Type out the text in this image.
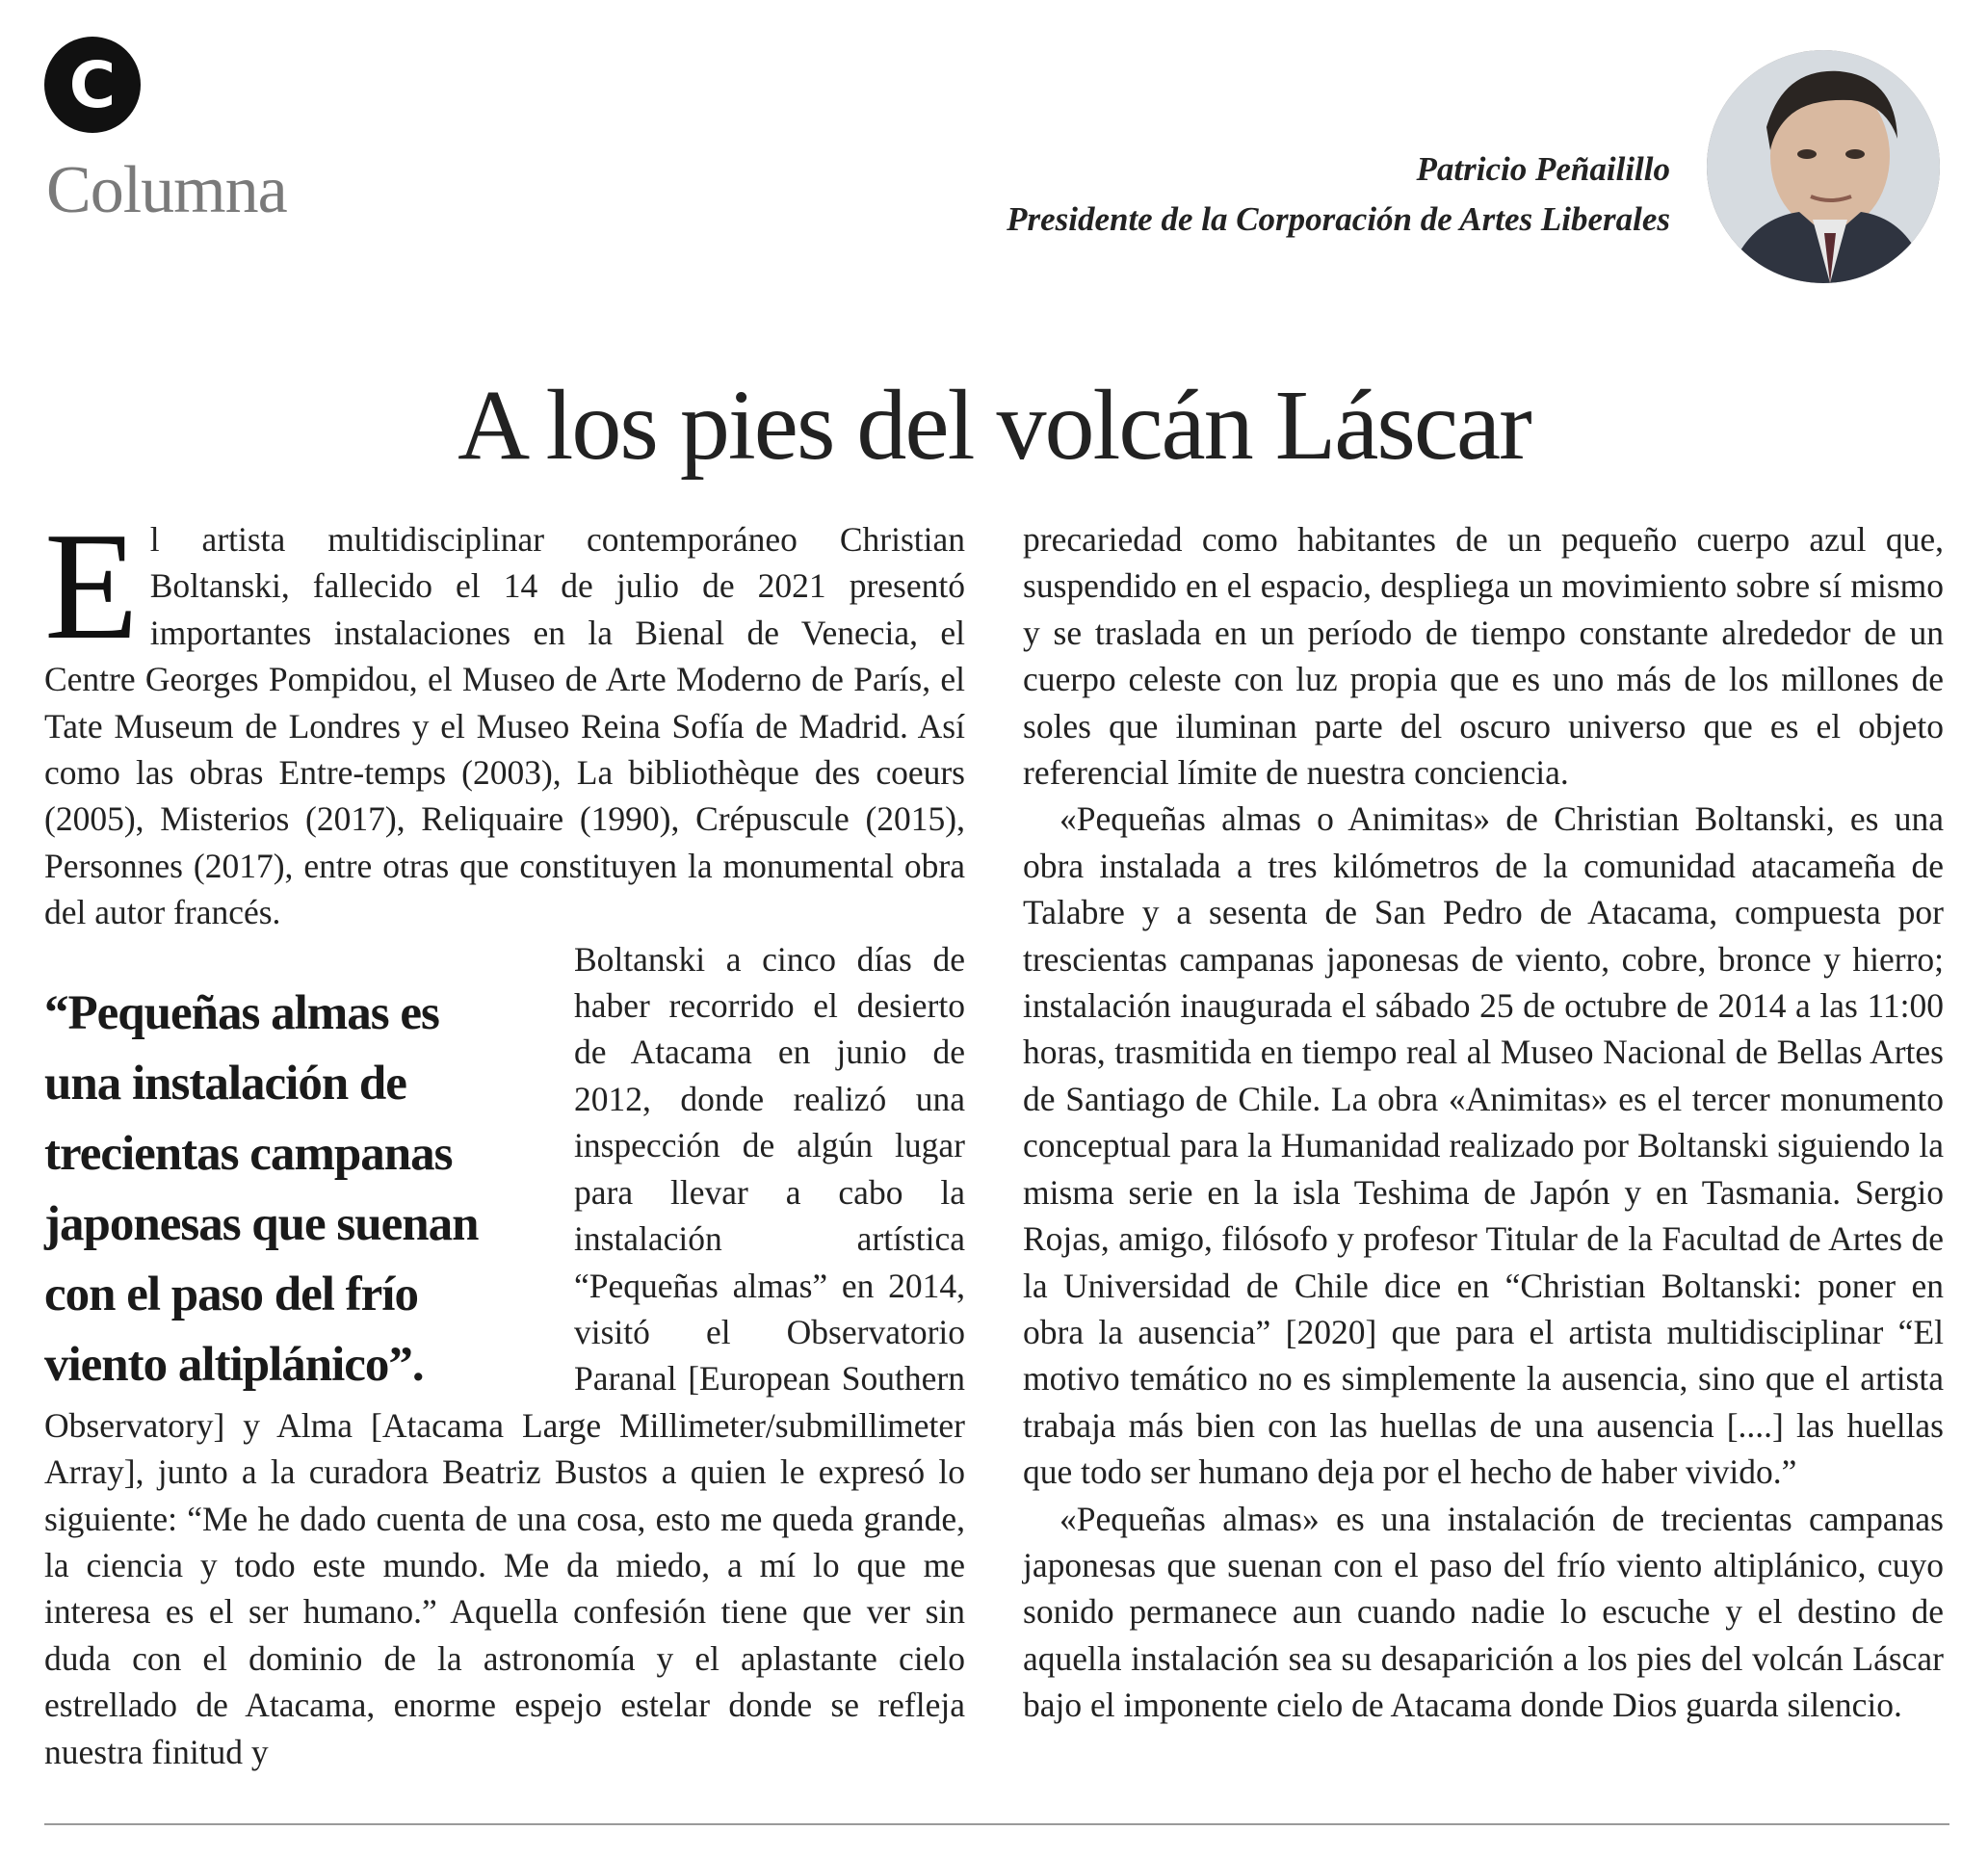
C
Columna	Patricio Peñailillo
Presidente de la Corporación de Artes Liberales
A los pies del volcán Láscar

El artista multidisciplinar contemporáneo Christian Boltanski, fallecido el 14 de julio de 2021 presentó importantes instalaciones en la Bienal de Venecia, el Centre Georges Pompidou, el Museo de Arte Moderno de París, el Tate Museum de Londres y el Museo Reina Sofía de Madrid. Así como las obras Entre-temps (2003), La bibliothèque des coeurs (2005), Misterios (2017), Reliquaire (1990), Crépuscule (2015), Personnes (2017), entre otras que constituyen la monumental obra del autor francés.

“Pequeñas almas es una instalación de trecientas campanas japonesas que suenan con el paso del frío viento altiplánico”.

Boltanski a cinco días de haber recorrido el desierto de Atacama en junio de 2012, donde realizó una inspección de algún lugar para llevar a cabo la instalación artística “Pequeñas almas” en 2014, visitó el Observatorio Paranal [European Southern Observatory] y Alma [Atacama Large Millimeter/submillimeter Array], junto a la curadora Beatriz Bustos a quien le expresó lo siguiente: “Me he dado cuenta de una cosa, esto me queda grande, la ciencia y todo este mundo. Me da miedo, a mí lo que me interesa es el ser humano.” Aquella confesión tiene que ver sin duda con el dominio de la astronomía y el aplastante cielo estrellado de Atacama, enorme espejo estelar donde se refleja nuestra finitud y

precariedad como habitantes de un pequeño cuerpo azul que, suspendido en el espacio, despliega un movimiento sobre sí mismo y se traslada en un período de tiempo constante alrededor de un cuerpo celeste con luz propia que es uno más de los millones de soles que iluminan parte del oscuro universo que es el objeto referencial límite de nuestra conciencia.

«Pequeñas almas o Animitas» de Christian Boltanski, es una obra instalada a tres kilómetros de la comunidad atacameña de Talabre y a sesenta de San Pedro de Atacama, compuesta por trescientas campanas japonesas de viento, cobre, bronce y hierro; instalación inaugurada el sábado 25 de octubre de 2014 a las 11:00 horas, trasmitida en tiempo real al Museo Nacional de Bellas Artes de Santiago de Chile. La obra «Animitas» es el tercer monumento conceptual para la Humanidad realizado por Boltanski siguiendo la misma serie en la isla Teshima de Japón y en Tasmania. Sergio Rojas, amigo, filósofo y profesor Titular de la Facultad de Artes de la Universidad de Chile dice en “Christian Boltanski: poner en obra la ausencia” [2020] que para el artista multidisciplinar “El motivo temático no es simplemente la ausencia, sino que el artista trabaja más bien con las huellas de una ausencia [....] las huellas que todo ser humano deja por el hecho de haber vivido.”

«Pequeñas almas» es una instalación de trecientas campanas japonesas que suenan con el paso del frío viento altiplánico, cuyo sonido permanece aun cuando nadie lo escuche y el destino de aquella instalación sea su desaparición a los pies del volcán Láscar bajo el imponente cielo de Atacama donde Dios guarda silencio.
